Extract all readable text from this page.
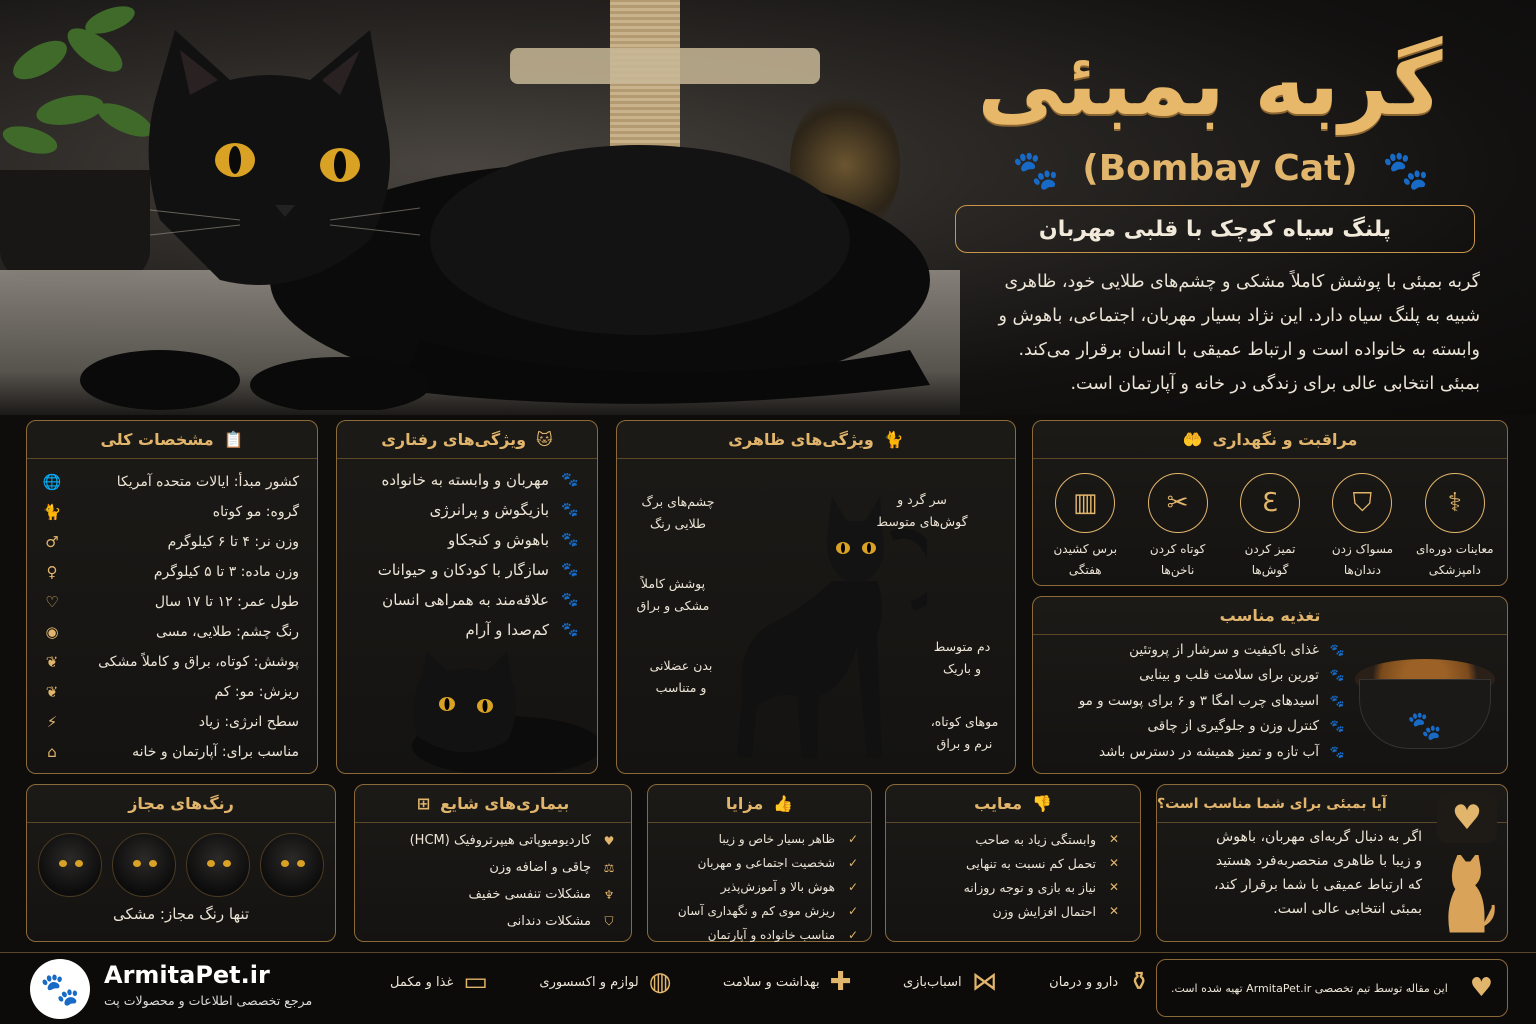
گربه بمبئی
🐾	🐾
(Bombay Cat)
پلنگ سیاه کوچک با قلبی مهربان
گربه بمبئی با پوشش کاملاً مشکی و چشم‌های طلایی خود، ظاهری
شبیه به پلنگ سیاه دارد. این نژاد بسیار مهربان، اجتماعی، باهوش و
وابسته به خانواده است و ارتباط عمیقی با انسان برقرار می‌کند.
بمبئی انتخابی عالی برای زندگی در خانه و آپارتمان است.
📋
مشخصات کلی
کشور مبدأ: ایالات متحده آمریکا
🌐
گروه: مو کوتاه
🐈
وزن نر: ۴ تا ۶ کیلوگرم
♂
وزن ماده: ۳ تا ۵ کیلوگرم
♀
طول عمر: ۱۲ تا ۱۷ سال
♡
رنگ چشم: طلایی، مسی
◉
پوشش: کوتاه، براق و کاملاً مشکی
❦
ریزش: مو: کم
❦
سطح انرژی: زیاد
⚡
مناسب برای: آپارتمان و خانه
⌂
🐱
ویژگی‌های رفتاری
🐾
مهربان و وابسته به خانواده
🐾
بازیگوش و پرانرژی
🐾
باهوش و کنجکاو
🐾
سازگار با کودکان و حیوانات
🐾
علاقه‌مند به همراهی انسان
🐾
کم‌صدا و آرام
🐈
ویژگی‌های ظاهری
سر گرد و
گوش‌های متوسط
چشم‌های برگ
طلایی رنگ
پوشش کاملاً
مشکی و براق
بدن عضلانی
و متناسب
دم متوسط
و باریک
موهای کوتاه،
نرم و براق
مراقبت و نگهداری
🤲
⚕
معاینات دوره‌ای
دامپزشکی
⛉
مسواک زدن
دندان‌ها
ℇ
تمیز کردن
گوش‌ها
✂
کوتاه کردن
ناخن‌ها
▥
برس کشیدن
هفتگی
تغذیه مناسب
🐾
غذای باکیفیت و سرشار از پروتئین
🐾
تورین برای سلامت قلب و بینایی
🐾
اسیدهای چرب امگا ۳ و ۶ برای پوست و مو
🐾
کنترل وزن و جلوگیری از چاقی
🐾
آب تازه و تمیز همیشه در دسترس باشد
🐾
رنگ‌های مجاز
تنها رنگ مجاز: مشکی
بیماری‌های شایع
⊞
♥
کاردیومیوپاتی هیپرتروفیک (HCM)
⚖
چاقی و اضافه وزن
♆
مشکلات تنفسی خفیف
⛉
مشکلات دندانی
👍
مزایا
✓
ظاهر بسیار خاص و زیبا
✓
شخصیت اجتماعی و مهربان
✓
هوش بالا و آموزش‌پذیر
✓
ریزش موی کم و نگهداری آسان
✓
مناسب خانواده و آپارتمان
👎
معایب
✕
وابستگی زیاد به صاحب
✕
تحمل کم نسبت به تنهایی
✕
نیاز به بازی و توجه روزانه
✕
احتمال افزایش وزن
آیا بمبئی برای شما مناسب است؟
اگر به دنبال گربه‌ای مهربان، باهوش
و زیبا با ظاهری منحصربه‌فرد هستید
که ارتباط عمیقی با شما برقرار کند،
بمبئی انتخابی عالی است.
♥
🐾 ArmitaPet.ir
مرجع تخصصی اطلاعات و محصولات پت
▭
غذا و مکمل	◍
لوازم و اکسسوری	✚
بهداشت و سلامت	⋈
اسباب‌بازی	⚱
دارو و درمان	این مقاله توسط تیم تخصصی ArmitaPet.ir تهیه شده است. ♥
